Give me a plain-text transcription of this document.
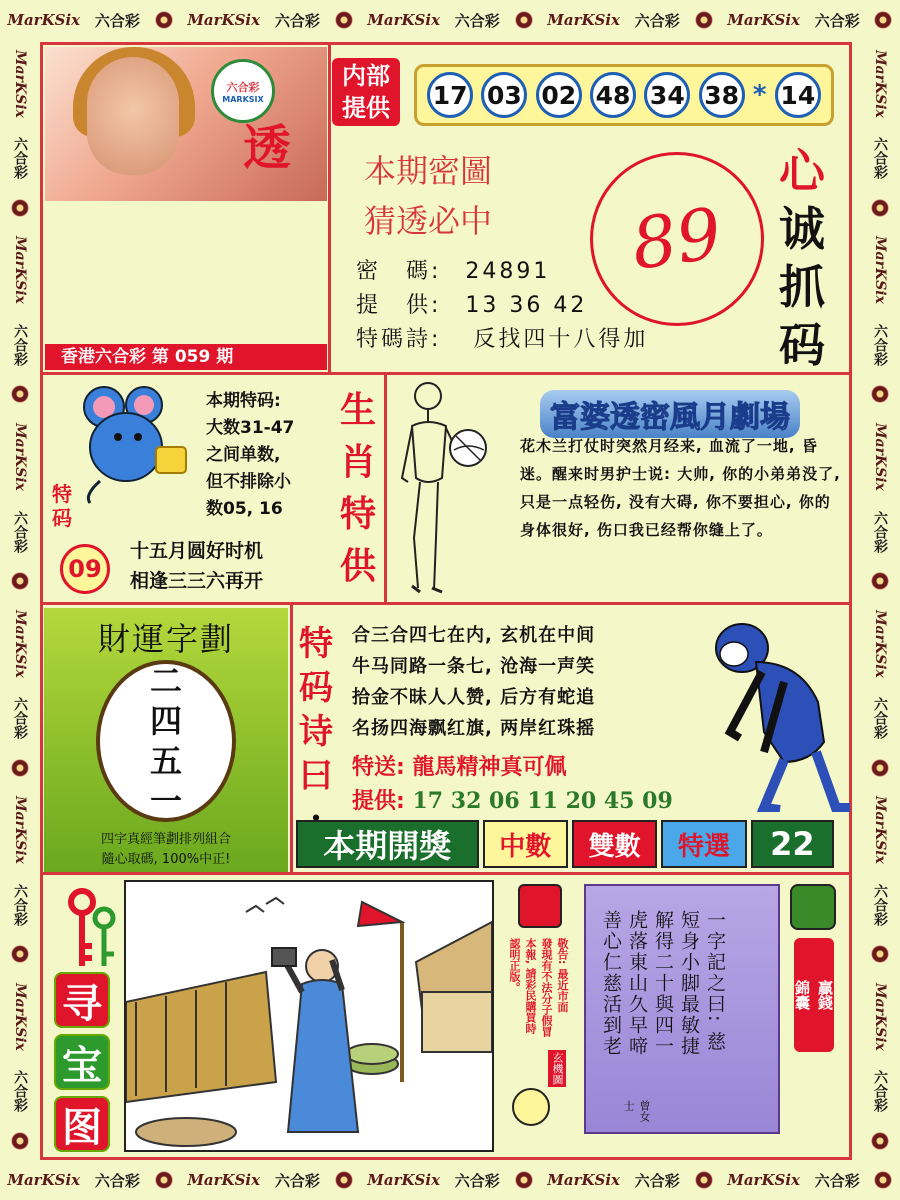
MarKSix 六合彩	MarKSix 六合彩	MarKSix 六合彩	MarKSix 六合彩	MarKSix 六合彩
MarKSix 六合彩	MarKSix 六合彩	MarKSix 六合彩	MarKSix 六合彩	MarKSix 六合彩
MarKSix
六合彩
MarKSix
六合彩
MarKSix
六合彩
MarKSix
六合彩
MarKSix
六合彩
MarKSix
六合彩
MarKSix
六合彩
MarKSix
六合彩
MarKSix
六合彩
MarKSix
六合彩
MarKSix
六合彩
MarKSix
六合彩
六合彩
MARKSIX
透
内部
提供	17 03 02 48 34 38 * 14
本期密圖
猜透必中 89
心
诚
抓
码
密　碼: 24891
提　供: 13 36 42
特碼詩: 反找四十八得加
香港六合彩 第 059 期
特
码
09
本期特码:
大数31-47
之间单数,
但不排除小
数05, 16
十五月圆好时机
相逢三三六再开
生
肖
特
供
富婆透密風月劇場
花木兰打仗时突然月经来, 血流了一地, 昏迷。醒来时男护士说: 大帅, 你的小弟弟没了, 只是一点轻伤, 没有大碍, 你不要担心, 你的身体很好, 伤口我已经帮你缝上了。
財運字劃
二
四
五
一
四字真經筆劃排列組合
隨心取碼, 100%中正!
特
码
诗
曰
合三合四七在内, 玄机在中间
牛马同路一条七, 沧海一声笑
拾金不昧人人赞, 后方有蛇追
名扬四海飘红旗, 两岸红珠摇
特送: 龍馬精神真可佩
提供: 17 32 06 11 20 45 09
本期開獎	中數	雙數	特選	22
寻
宝
图
敬告: 最近市面
發現有不法分子假冒
本報, 請彩民購買時
認明正版。
玄機圖
一字記之曰: 慈
短身小脚最敏捷
解得二十與四一
虎落東山久早啼
善心仁慈活到老
曾女士
贏錢
錦囊
